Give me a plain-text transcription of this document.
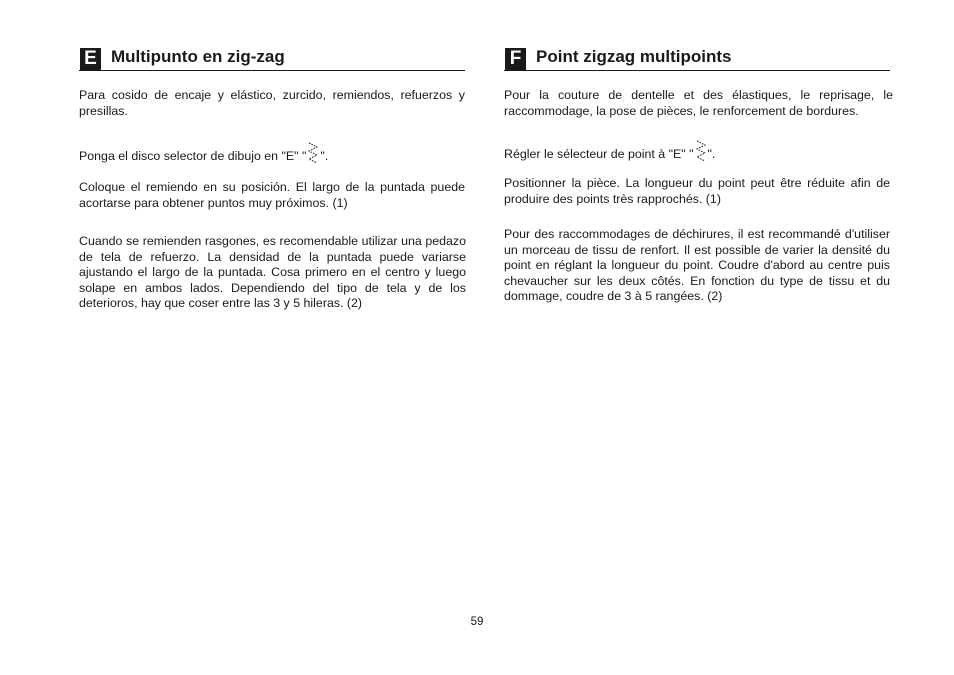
E Multipunto en zig-zag

Para cosido de encaje y elástico, zurcido, remiendos, refuerzos y presillas.

Ponga el disco selector de dibujo en "E" " ".

Coloque el remiendo en su posición. El largo de la puntada puede acortarse para obtener puntos muy próximos. (1)

Cuando se remienden rasgones, es recomendable utilizar una pedazo de tela de refuerzo. La densidad de la puntada puede variarse ajustando el largo de la puntada. Cosa primero en el centro y luego solape en ambos lados. Dependiendo del tipo de tela y de los deterioros, hay que coser entre las 3 y 5 hileras. (2)

F Point zigzag multipoints

Pour la couture de dentelle et des élastiques, le reprisage, le raccommodage, la pose de pièces, le renforcement de bordures.

Régler le sélecteur de point à "E" " ".

Positionner la pièce. La longueur du point peut être réduite afin de produire des points très rapprochés. (1)

Pour des raccommodages de déchirures, il est recommandé d'utiliser un morceau de tissu de renfort. Il est possible de varier la densité du point en réglant la longueur du point. Coudre d'abord au centre puis chevaucher sur les deux côtés. En fonction du type de tissu et du dommage, coudre de 3 à 5 rangées. (2)

59
